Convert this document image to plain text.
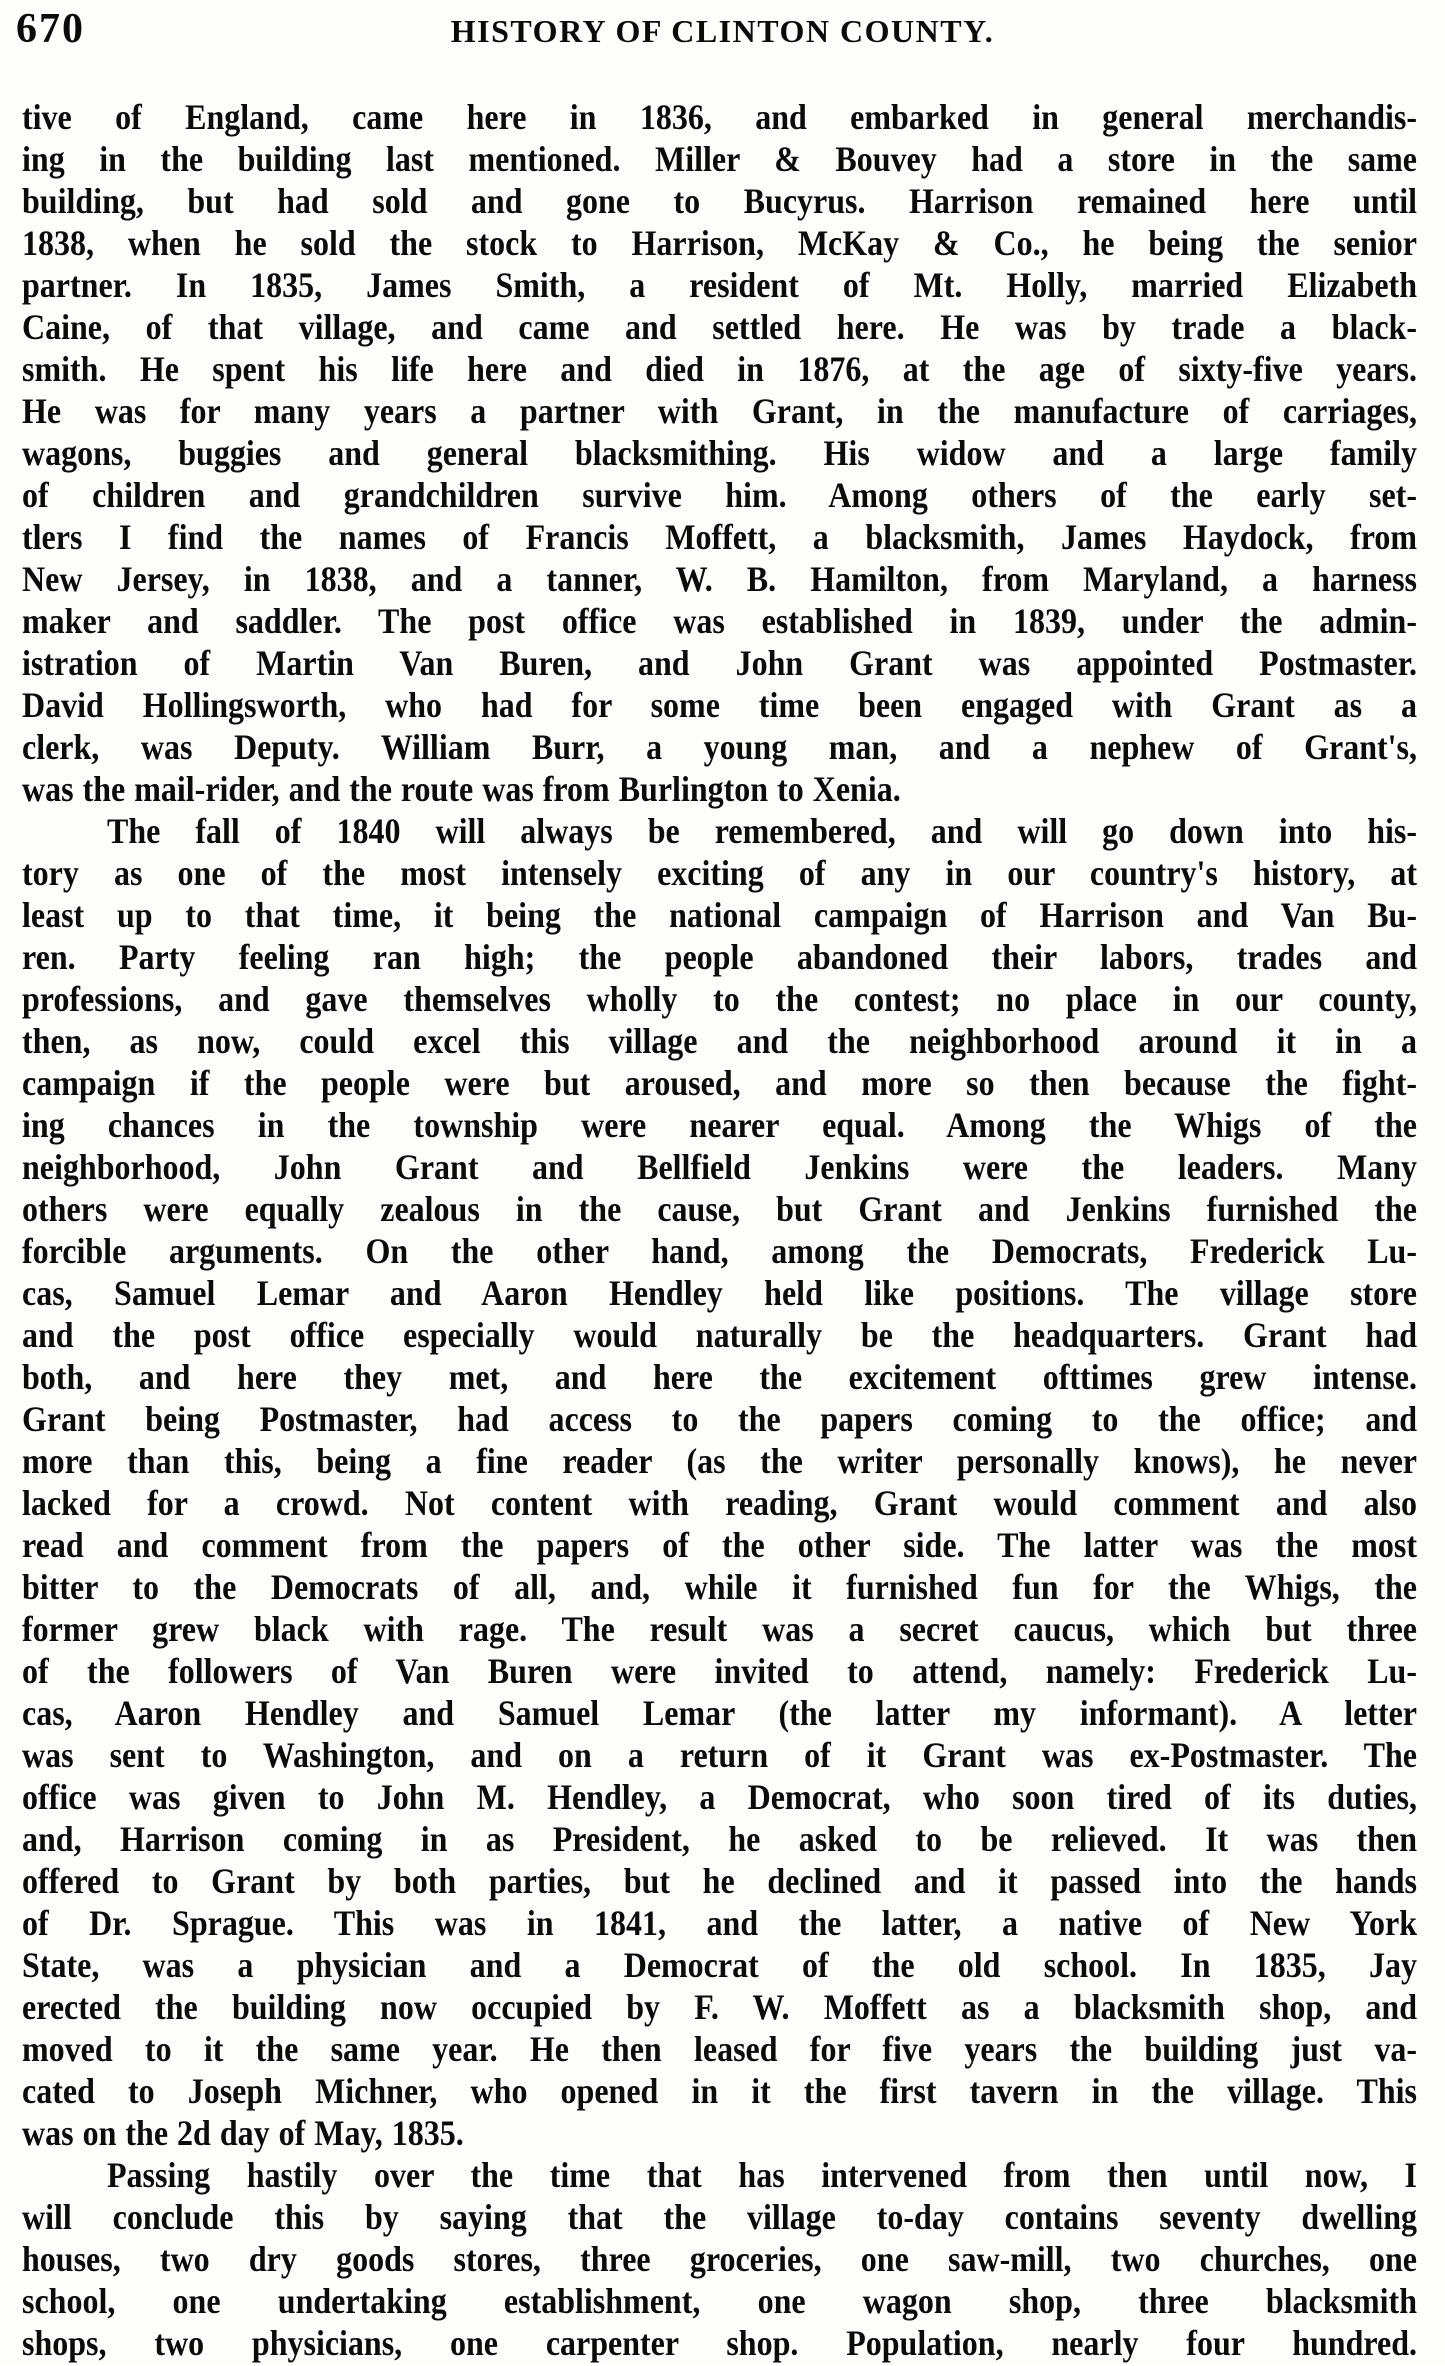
670	HISTORY OF CLINTON COUNTY.
tive of England, came here in 1836, and embarked in general merchandis-
ing in the building last mentioned. Miller & Bouvey had a store in the same
building, but had sold and gone to Bucyrus. Harrison remained here until
1838, when he sold the stock to Harrison, McKay & Co., he being the senior
partner. In 1835, James Smith, a resident of Mt. Holly, married Elizabeth
Caine, of that village, and came and settled here. He was by trade a black-
smith. He spent his life here and died in 1876, at the age of sixty-five years.
He was for many years a partner with Grant, in the manufacture of carriages,
wagons, buggies and general blacksmithing. His widow and a large family
of children and grandchildren survive him. Among others of the early set-
tlers I find the names of Francis Moffett, a blacksmith, James Haydock, from
New Jersey, in 1838, and a tanner, W. B. Hamilton, from Maryland, a harness
maker and saddler. The post office was established in 1839, under the admin-
istration of Martin Van Buren, and John Grant was appointed Postmaster.
David Hollingsworth, who had for some time been engaged with Grant as a
clerk, was Deputy. William Burr, a young man, and a nephew of Grant's,
was the mail-rider, and the route was from Burlington to Xenia.
The fall of 1840 will always be remembered, and will go down into his-
tory as one of the most intensely exciting of any in our country's history, at
least up to that time, it being the national campaign of Harrison and Van Bu-
ren. Party feeling ran high; the people abandoned their labors, trades and
professions, and gave themselves wholly to the contest; no place in our county,
then, as now, could excel this village and the neighborhood around it in a
campaign if the people were but aroused, and more so then because the fight-
ing chances in the township were nearer equal. Among the Whigs of the
neighborhood, John Grant and Bellfield Jenkins were the leaders. Many
others were equally zealous in the cause, but Grant and Jenkins furnished the
forcible arguments. On the other hand, among the Democrats, Frederick Lu-
cas, Samuel Lemar and Aaron Hendley held like positions. The village store
and the post office especially would naturally be the headquarters. Grant had
both, and here they met, and here the excitement ofttimes grew intense.
Grant being Postmaster, had access to the papers coming to the office; and
more than this, being a fine reader (as the writer personally knows), he never
lacked for a crowd. Not content with reading, Grant would comment and also
read and comment from the papers of the other side. The latter was the most
bitter to the Democrats of all, and, while it furnished fun for the Whigs, the
former grew black with rage. The result was a secret caucus, which but three
of the followers of Van Buren were invited to attend, namely: Frederick Lu-
cas, Aaron Hendley and Samuel Lemar (the latter my informant). A letter
was sent to Washington, and on a return of it Grant was ex-Postmaster. The
office was given to John M. Hendley, a Democrat, who soon tired of its duties,
and, Harrison coming in as President, he asked to be relieved. It was then
offered to Grant by both parties, but he declined and it passed into the hands
of Dr. Sprague. This was in 1841, and the latter, a native of New York
State, was a physician and a Democrat of the old school. In 1835, Jay
erected the building now occupied by F. W. Moffett as a blacksmith shop, and
moved to it the same year. He then leased for five years the building just va-
cated to Joseph Michner, who opened in it the first tavern in the village. This
was on the 2d day of May, 1835.
Passing hastily over the time that has intervened from then until now, I
will conclude this by saying that the village to-day contains seventy dwelling
houses, two dry goods stores, three groceries, one saw-mill, two churches, one
school, one undertaking establishment, one wagon shop, three blacksmith
shops, two physicians, one carpenter shop. Population, nearly four hundred.
